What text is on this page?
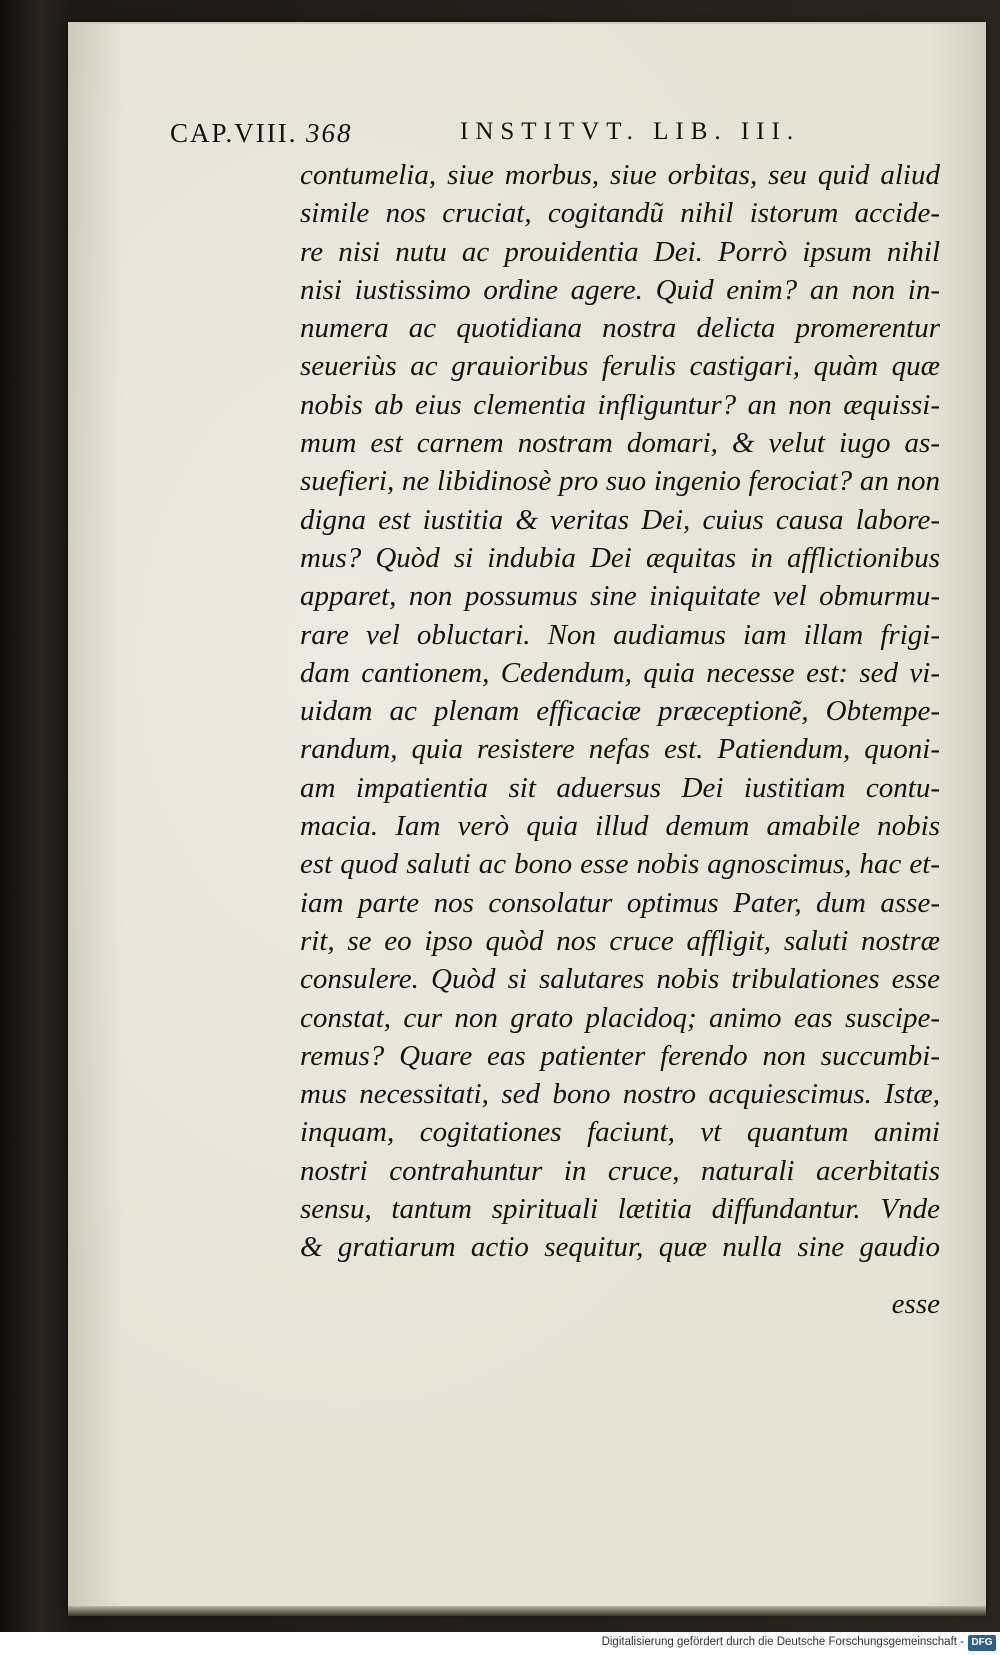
CAP.VIII. 368	INSTITVT. LIB. III.
contumelia, siue morbus, siue orbitas, seu quid aliud
simile nos cruciat, cogitandũ nihil istorum accide-
re nisi nutu ac prouidentia Dei. Porrò ipsum nihil
nisi iustissimo ordine agere. Quid enim? an non in-
numera ac quotidiana nostra delicta promerentur
seueriùs ac grauioribus ferulis castigari, quàm quæ
nobis ab eius clementia infliguntur? an non æquissi-
mum est carnem nostram domari, & velut iugo as-
suefieri, ne libidinosè pro suo ingenio ferociat? an non
digna est iustitia & veritas Dei, cuius causa labore-
mus? Quòd si indubia Dei æquitas in afflictionibus
apparet, non possumus sine iniquitate vel obmurmu-
rare vel obluctari. Non audiamus iam illam frigi-
dam cantionem, Cedendum, quia necesse est: sed vi-
uidam ac plenam efficaciæ præceptionẽ, Obtempe-
randum, quia resistere nefas est. Patiendum, quoni-
am impatientia sit aduersus Dei iustitiam contu-
macia. Iam verò quia illud demum amabile nobis
est quod saluti ac bono esse nobis agnoscimus, hac et-
iam parte nos consolatur optimus Pater, dum asse-
rit, se eo ipso quòd nos cruce affligit, saluti nostræ
consulere. Quòd si salutares nobis tribulationes esse
constat, cur non grato placidoq; animo eas suscipe-
remus? Quare eas patienter ferendo non succumbi-
mus necessitati, sed bono nostro acquiescimus. Istæ,
inquam, cogitationes faciunt, vt quantum animi
nostri contrahuntur in cruce, naturali acerbitatis
sensu, tantum spirituali lætitia diffundantur. Vnde
& gratiarum actio sequitur, quæ nulla sine gaudio
esse
Digitalisierung gefördert durch die Deutsche Forschungsgemeinschaft - DFG
